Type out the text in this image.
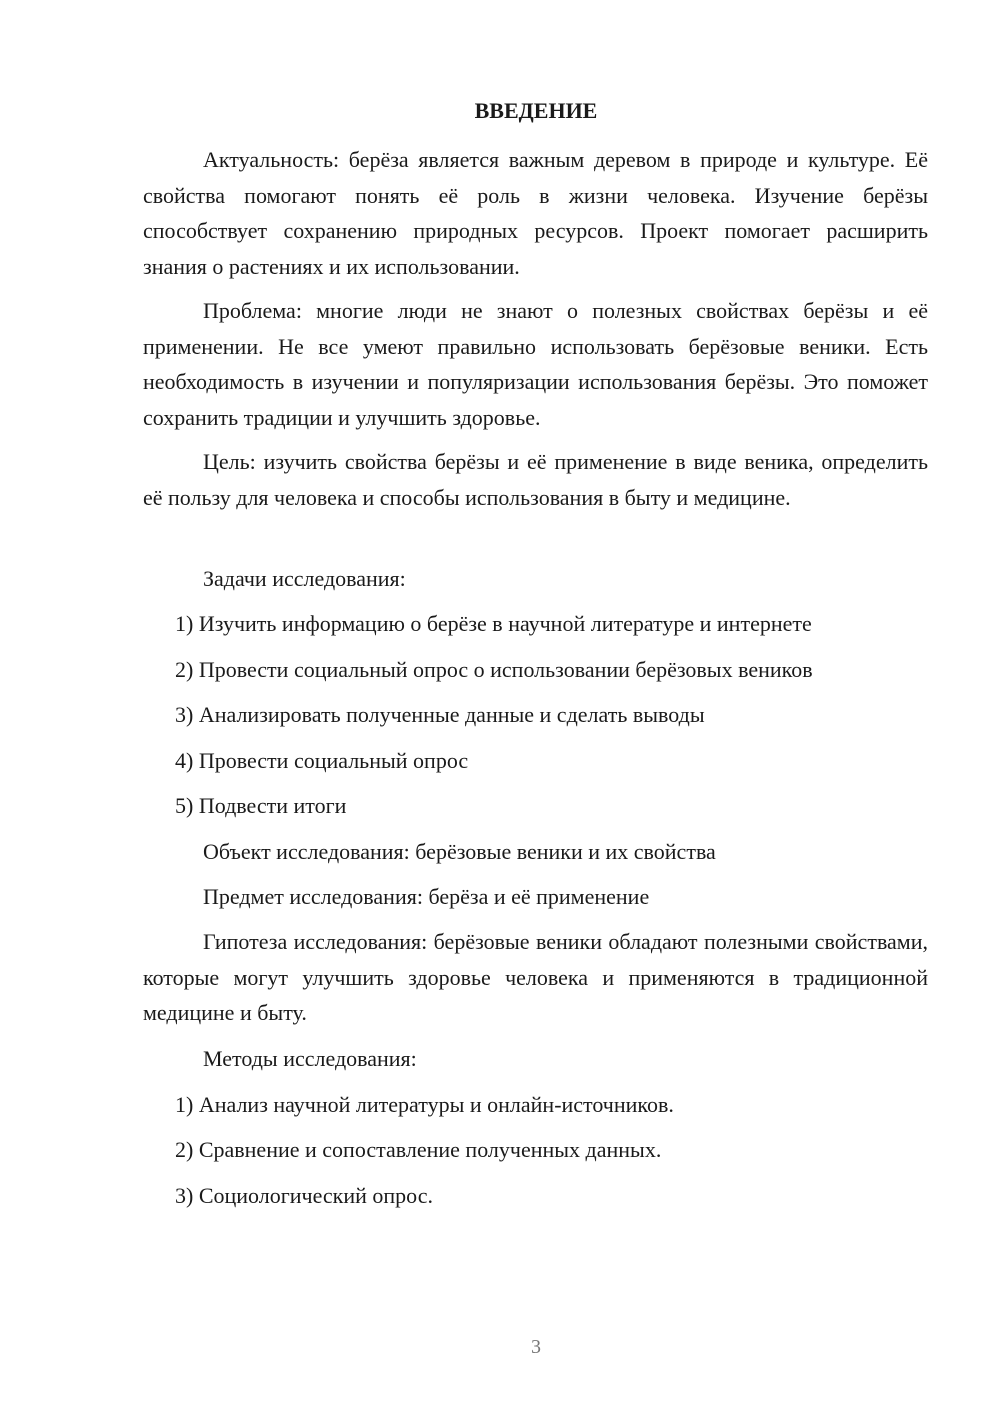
ВВЕДЕНИЕ
Актуальность: берёза является важным деревом в природе и культуре. Её свойства помогают понять её роль в жизни человека. Изучение берёзы способствует сохранению природных ресурсов. Проект помогает расширить знания о растениях и их использовании.
Проблема: многие люди не знают о полезных свойствах берёзы и её применении. Не все умеют правильно использовать берёзовые веники. Есть необходимость в изучении и популяризации использования берёзы. Это поможет сохранить традиции и улучшить здоровье.
Цель: изучить свойства берёзы и её применение в виде веника, определить её пользу для человека и способы использования в быту и медицине.
Задачи исследования:
1) Изучить информацию о берёзе в научной литературе и интернете
2) Провести социальный опрос о использовании берёзовых веников
3) Анализировать полученные данные и сделать выводы
4) Провести социальный опрос
5) Подвести итоги
Объект исследования: берёзовые веники и их свойства
Предмет исследования: берёза и её применение
Гипотеза исследования: берёзовые веники обладают полезными свойствами, которые могут улучшить здоровье человека и применяются в традиционной медицине и быту.
Методы исследования:
1) Анализ научной литературы и онлайн-источников.
2) Сравнение и сопоставление полученных данных.
3) Социологический опрос.
3
